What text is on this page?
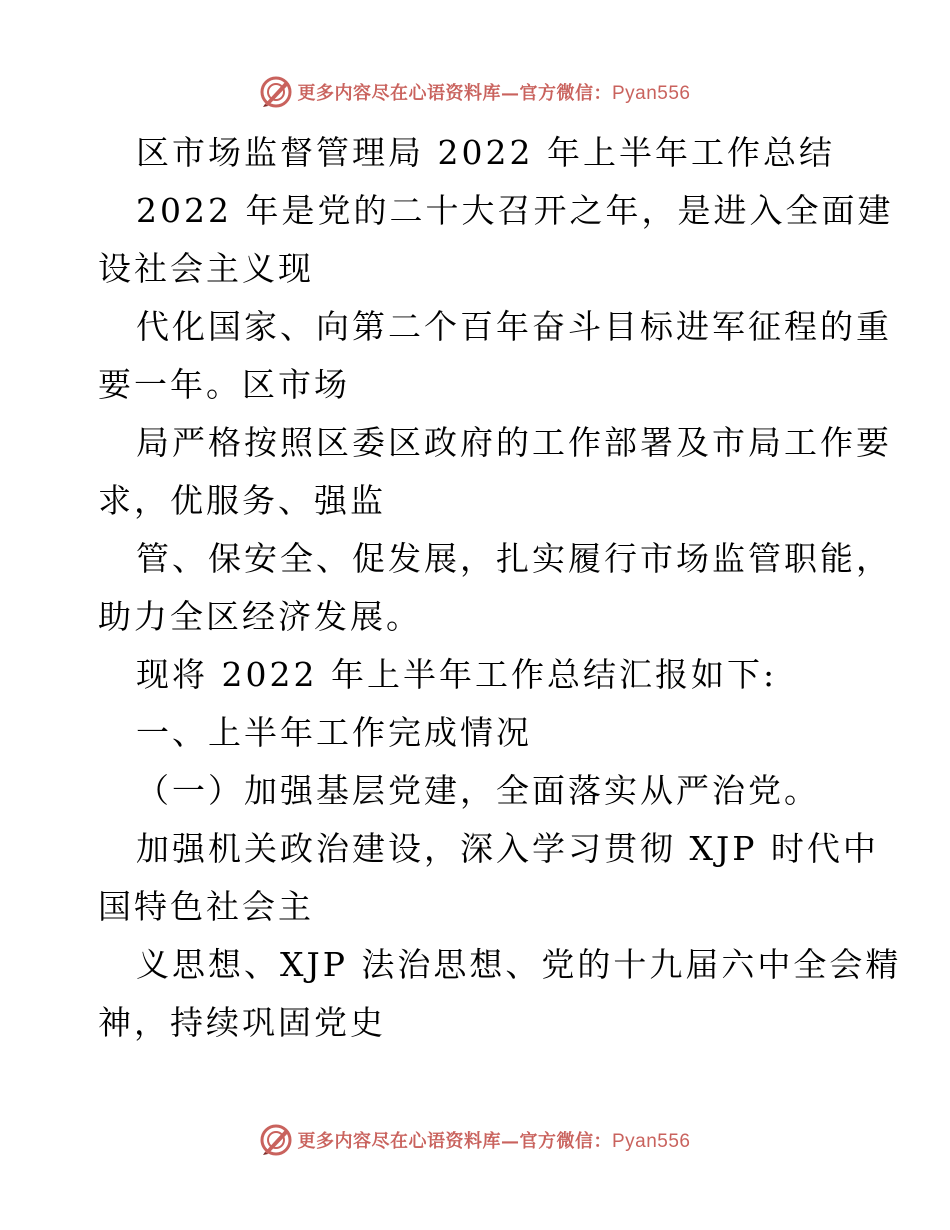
更多内容尽在心语资料库—官方微信：Pyan556
区市场监督管理局 2022 年上半年工作总结
2022 年是党的二十大召开之年，是进入全面建
设社会主义现
代化国家、向第二个百年奋斗目标进军征程的重
要一年。区市场
局严格按照区委区政府的工作部署及市局工作要
求，优服务、强监
管、保安全、促发展，扎实履行市场监管职能，
助力全区经济发展。
现将 2022 年上半年工作总结汇报如下:
一、上半年工作完成情况
（一）加强基层党建，全面落实从严治党。
加强机关政治建设，深入学习贯彻 XJP 时代中
国特色社会主
义思想、XJP 法治思想、党的十九届六中全会精
神，持续巩固党史
更多内容尽在心语资料库—官方微信：Pyan556
